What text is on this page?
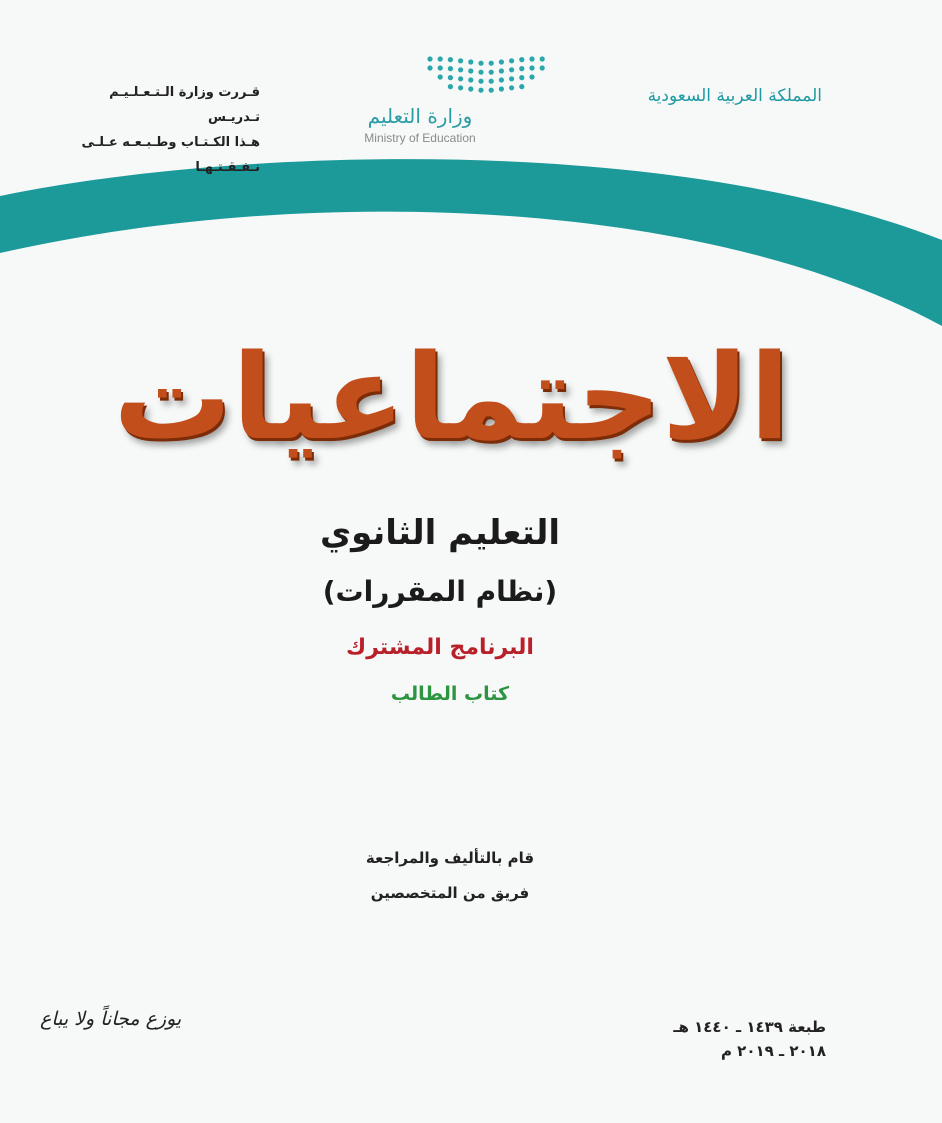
المملكة العربية السعودية
وزارة التعليم
Ministry of Education
قـررت وزارة الـتـعـلـيـم تـدريـس
هـذا الكـتـاب وطـبـعـه عـلـى نـفـقـتـهـا
الاجتماعيات
التعليم الثانوي
(نظام المقررات)
البرنامج المشترك
كتاب الطالب
قام بالتأليف والمراجعة
فريق من المتخصصين
يوزع مجاناً ولا يباع	طبعة ١٤٣٩ ـ ١٤٤٠ هـ
٢٠١٨ ـ ٢٠١٩ م
